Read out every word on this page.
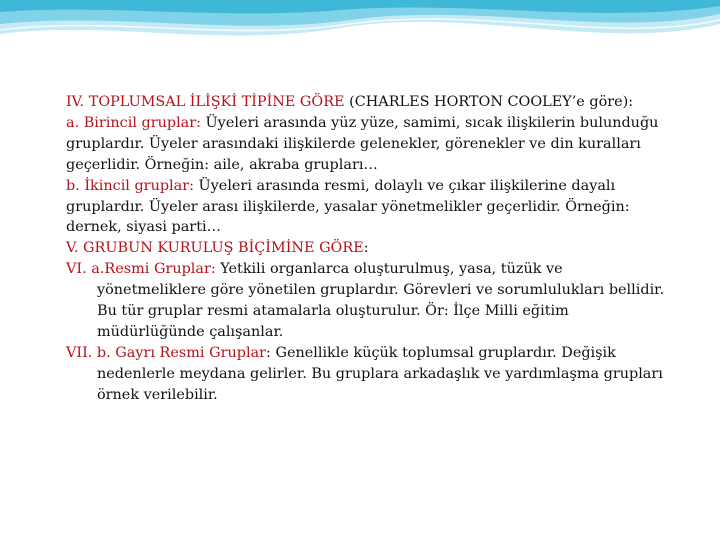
IV. TOPLUMSAL İLİŞKİ TİPİNE GÖRE (CHARLES HORTON COOLEY’e göre):

a. Birincil gruplar: Üyeleri arasında yüz yüze, samimi, sıcak ilişkilerin bulunduğu gruplardır. Üyeler arasındaki ilişkilerde gelenekler, görenekler ve din kuralları geçerlidir. Örneğin: aile, akraba grupları…

b. İkincil gruplar: Üyeleri arasında resmi, dolaylı ve çıkar ilişkilerine dayalı gruplardır. Üyeler arası ilişkilerde, yasalar yönetmelikler geçerlidir. Örneğin: dernek, siyasi parti…

V. GRUBUN KURULUŞ BİÇİMİNE GÖRE:

VI. a.Resmi Gruplar: Yetkili organlarca oluşturulmuş, yasa, tüzük ve yönetmeliklere göre yönetilen gruplardır. Görevleri ve sorumlulukları bellidir. Bu tür gruplar resmi atamalarla oluşturulur. Ör: İlçe Milli eğitim müdürlüğünde çalışanlar.

VII. b. Gayrı Resmi Gruplar: Genellikle küçük toplumsal gruplardır. Değişik nedenlerle meydana gelirler. Bu gruplara arkadaşlık ve yardımlaşma grupları örnek verilebilir.
